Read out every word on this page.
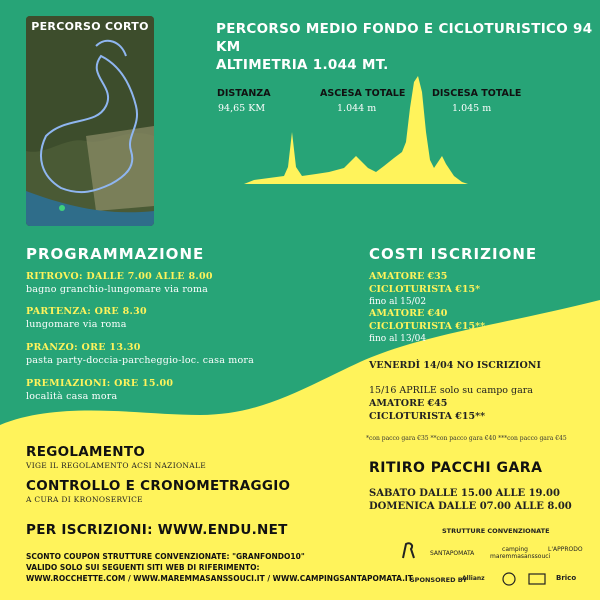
PERCORSO CORTO	PERCORSO MEDIO FONDO E CICLOTURISTICO 94 KM
ALTIMETRIA 1.044 MT.
DISTANZA
94,65 KM
ASCESA TOTALE
1.044 m
DISCESA TOTALE
1.045 m
PROGRAMMAZIONE
RITROVO: DALLE 7.00 ALLE 8.00
bagno granchio-lungomare via roma
PARTENZA: ORE 8.30
lungomare via roma
PRANZO: ORE 13.30
pasta party-doccia-parcheggio-loc. casa mora
PREMIAZIONI: ORE 15.00
località casa mora
COSTI ISCRIZIONE
AMATORE €35
CICLOTURISTA €15*
fino al 15/02
AMATORE €40
CICLOTURISTA €15**
fino al 13/04
VENERDÌ 14/04 NO ISCRIZIONI
15/16 APRILE solo su campo gara
AMATORE €45
CICLOTURISTA €15**
*con pacco gara €35 **con pacco gara €40 ***con pacco gara €45
REGOLAMENTO
VIGE IL REGOLAMENTO ACSI NAZIONALE
CONTROLLO E CRONOMETRAGGIO
A CURA DI KRONOSERVICE
PER ISCRIZIONI: WWW.ENDU.NET
SCONTO COUPON STRUTTURE CONVENZIONATE: "GRANFONDO10"
VALIDO SOLO SUI SEGUENTI SITI WEB DI RIFERIMENTO:
WWW.ROCCHETTE.COM / WWW.MAREMMASANSSOUCI.IT / WWW.CAMPINGSANTAPOMATA.IT
RITIRO PACCHI GARA
SABATO DALLE 15.00 ALLE 19.00
DOMENICA DALLE 07.00 ALLE 8.00
STRUTTURE CONVENZIONATE
SANTAPOMATA
camping maremmasanssouci
L'APPRODO
SPONSORED BY
Allianz	Brico
